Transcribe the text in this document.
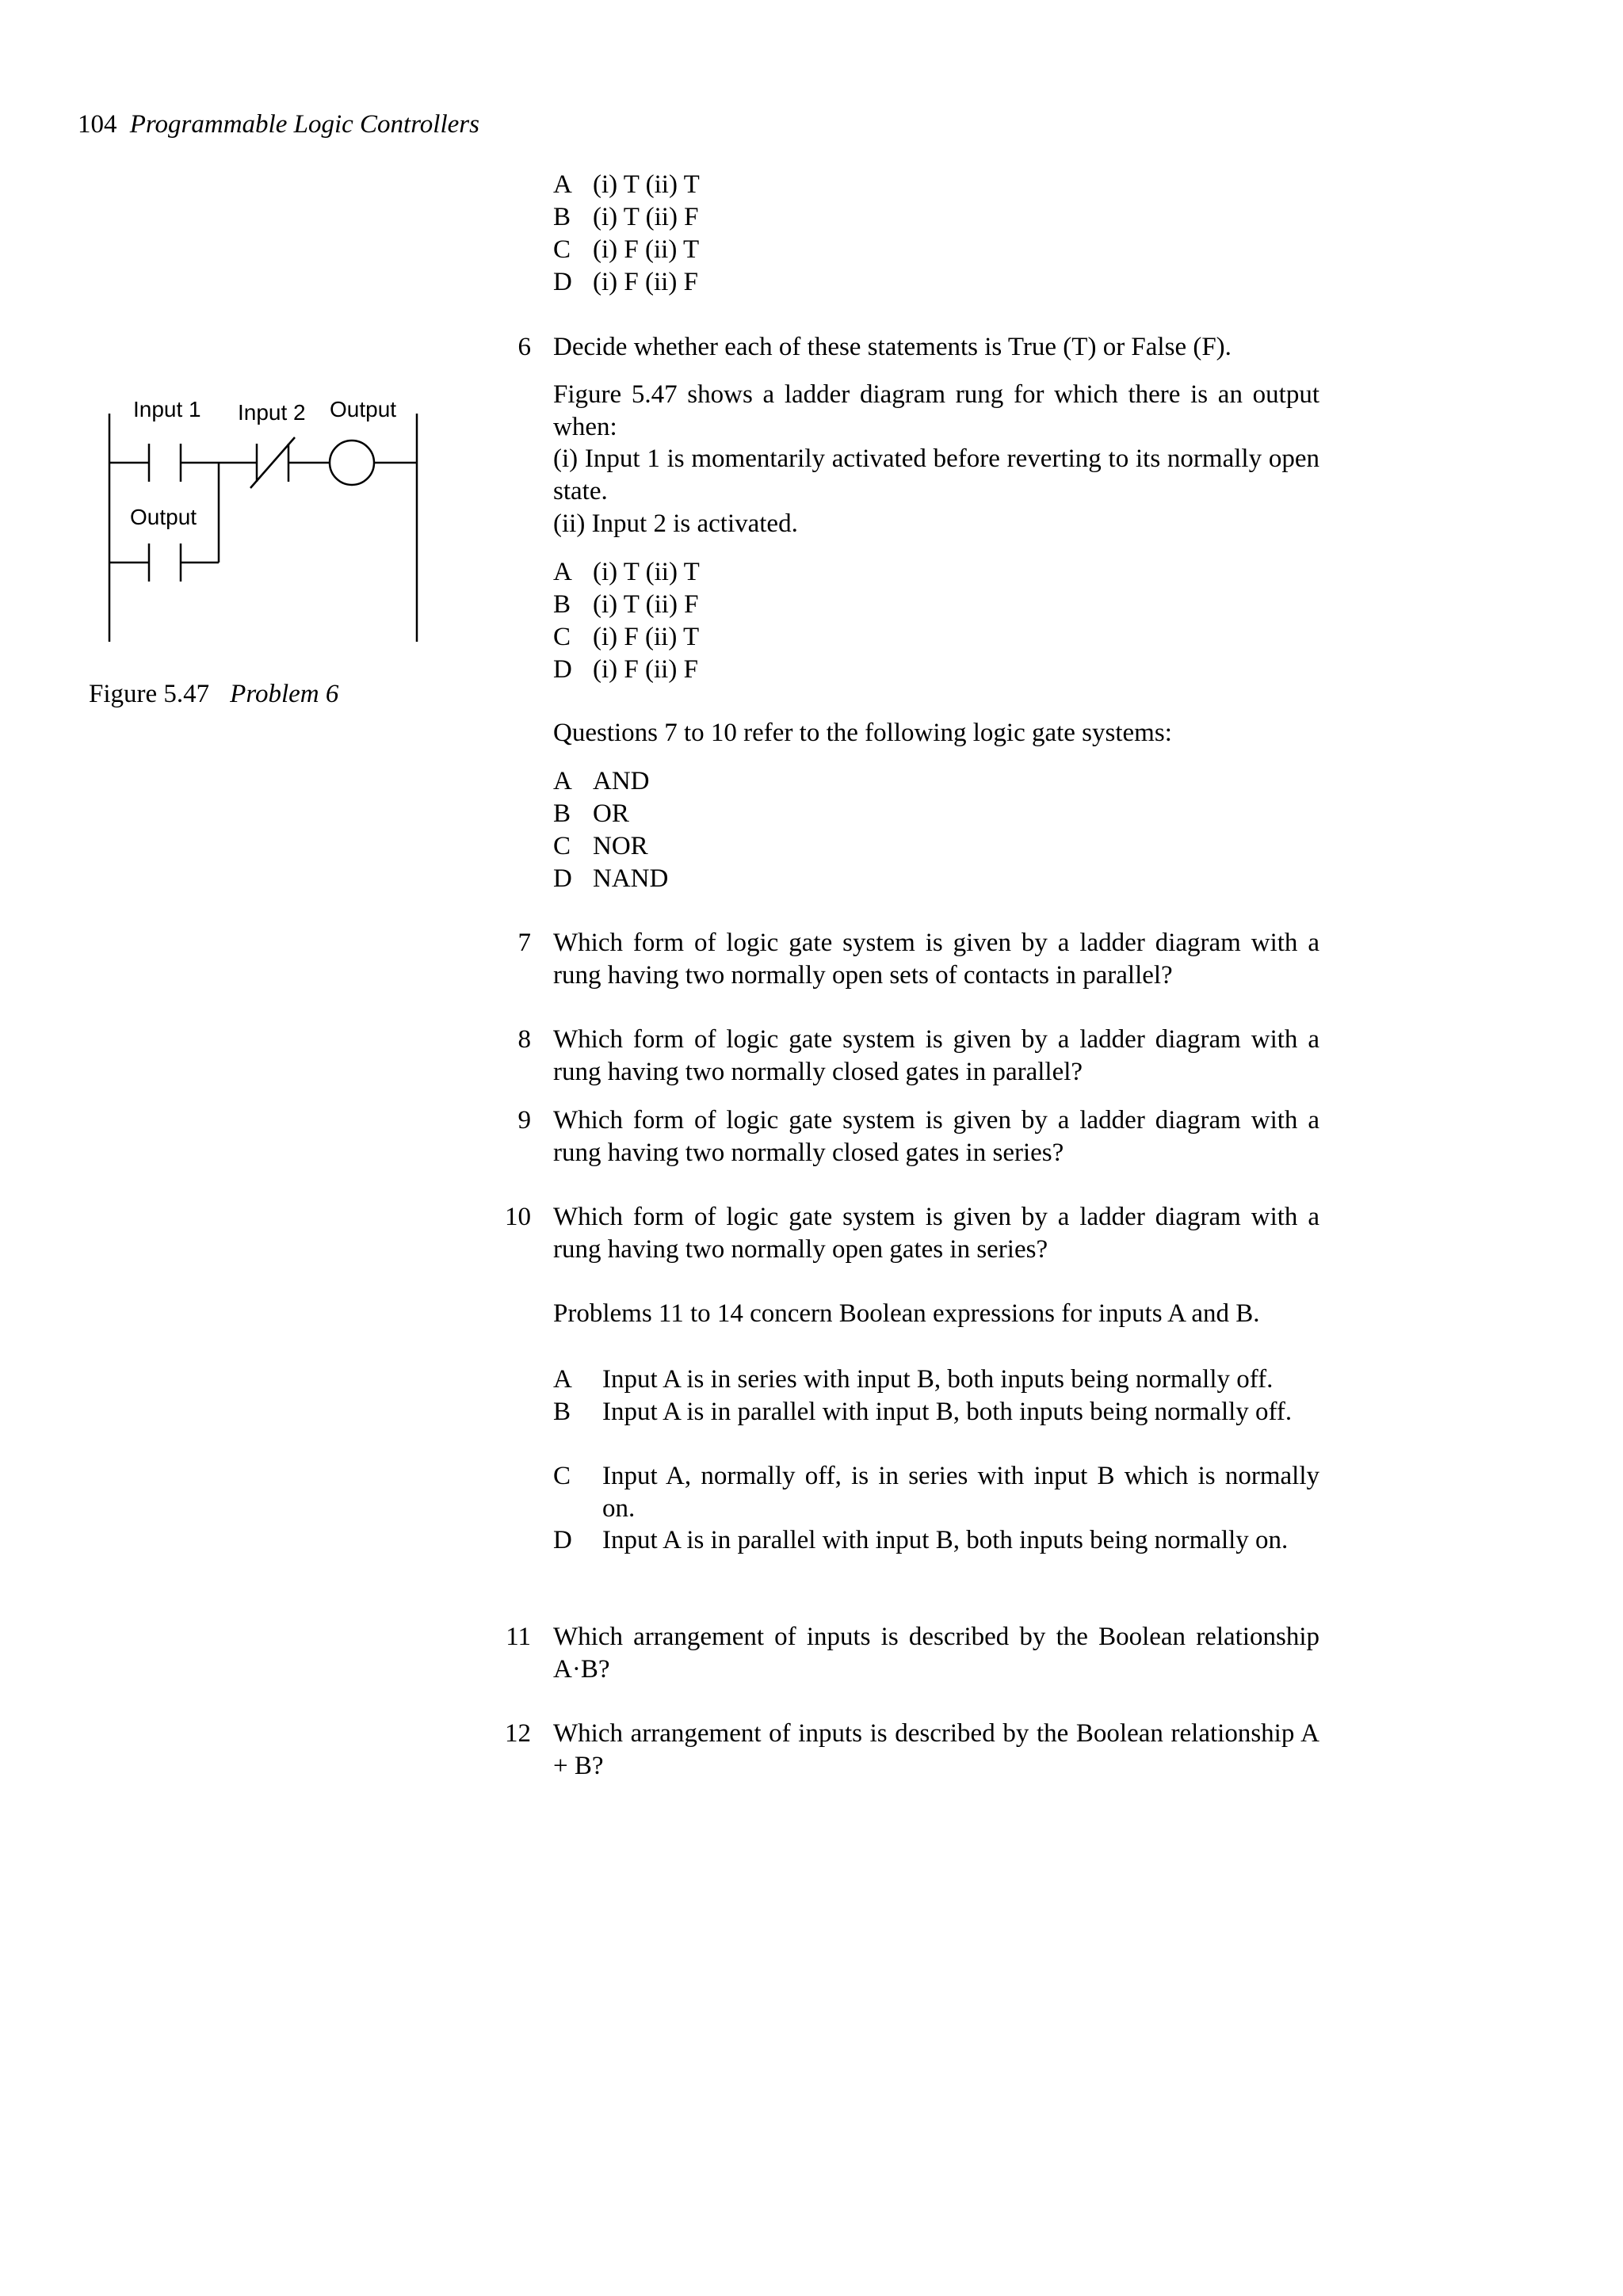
104 Programmable Logic Controllers
A (i) T (ii) T
B (i) T (ii) F
C (i) F (ii) T
D (i) F (ii) F
6 Decide whether each of these statements is True (T) or False (F).
Figure 5.47 shows a ladder diagram rung for which there is an output when:
(i) Input 1 is momentarily activated before reverting to its normally open state.
(ii) Input 2 is activated.
A (i) T (ii) T
B (i) T (ii) F
C (i) F (ii) T
D (i) F (ii) F
Input 1 Input 2 Output
Output
Figure 5.47 Problem 6
Questions 7 to 10 refer to the following logic gate systems:
A AND
B OR
C NOR
D NAND
7 Which form of logic gate system is given by a ladder diagram with a rung having two normally open sets of contacts in parallel?
8 Which form of logic gate system is given by a ladder diagram with a rung having two normally closed gates in parallel?
9 Which form of logic gate system is given by a ladder diagram with a rung having two normally closed gates in series?
10 Which form of logic gate system is given by a ladder diagram with a rung having two normally open gates in series?
Problems 11 to 14 concern Boolean expressions for inputs A and B.
A Input A is in series with input B, both inputs being normally off.
B Input A is in parallel with input B, both inputs being normally off.
C Input A, normally off, is in series with input B which is normally on.
D Input A is in parallel with input B, both inputs being normally on.
11 Which arrangement of inputs is described by the Boolean relationship A·B?
12 Which arrangement of inputs is described by the Boolean relationship A + B?
